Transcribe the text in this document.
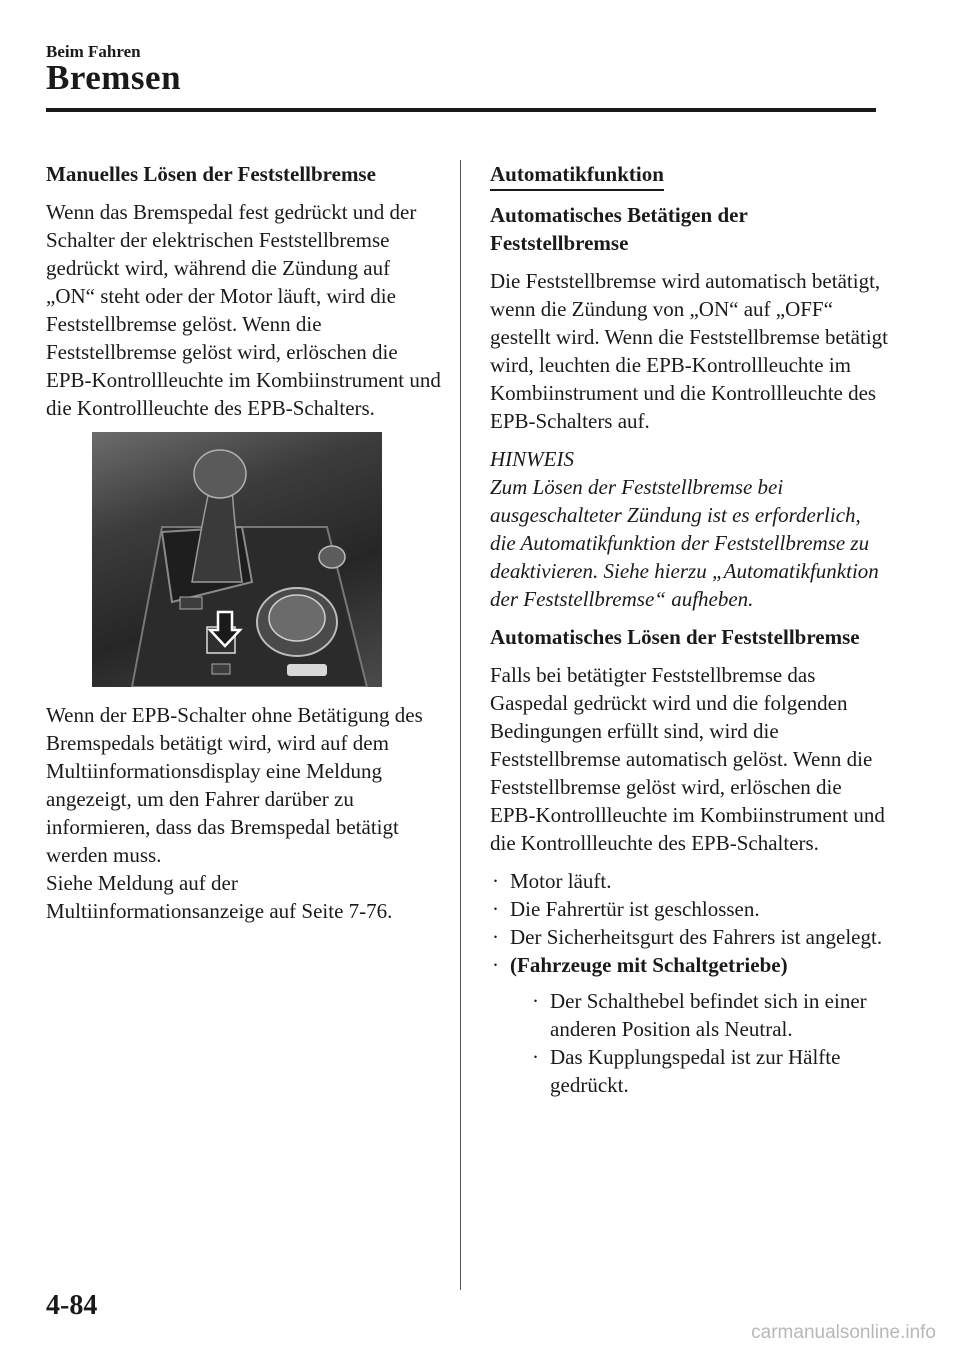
Beim Fahren
Bremsen
Manuelles Lösen der Feststellbremse

Wenn das Bremspedal fest gedrückt und der Schalter der elektrischen Feststellbremse gedrückt wird, während die Zündung auf „ON“ steht oder der Motor läuft, wird die Feststellbremse gelöst. Wenn die Feststellbremse gelöst wird, erlöschen die EPB-Kontrollleuchte im Kombiinstrument und die Kontrollleuchte des EPB-Schalters.

Wenn der EPB-Schalter ohne Betätigung des Bremspedals betätigt wird, wird auf dem Multiinformationsdisplay eine Meldung angezeigt, um den Fahrer darüber zu informieren, dass das Bremspedal betätigt werden muss.

Siehe Meldung auf der Multiinformationsanzeige auf Seite 7-76.

Automatikfunktion
Automatisches Betätigen der Feststellbremse

Die Feststellbremse wird automatisch betätigt, wenn die Zündung von „ON“ auf „OFF“ gestellt wird. Wenn die Feststellbremse betätigt wird, leuchten die EPB-Kontrollleuchte im Kombiinstrument und die Kontrollleuchte des EPB-Schalters auf.

HINWEIS
Zum Lösen der Feststellbremse bei ausgeschalteter Zündung ist es erforderlich, die Automatikfunktion der Feststellbremse zu deaktivieren. Siehe hierzu „Automatikfunktion der Feststellbremse“ aufheben.
Automatisches Lösen der Feststellbremse

Falls bei betätigter Feststellbremse das Gaspedal gedrückt wird und die folgenden Bedingungen erfüllt sind, wird die Feststellbremse automatisch gelöst. Wenn die Feststellbremse gelöst wird, erlöschen die EPB-Kontrollleuchte im Kombiinstrument und die Kontrollleuchte des EPB-Schalters.

· Motor läuft.
· Die Fahrertür ist geschlossen.
· Der Sicherheitsgurt des Fahrers ist angelegt.
· (Fahrzeuge mit Schaltgetriebe)
· Der Schalthebel befindet sich in einer anderen Position als Neutral.
· Das Kupplungspedal ist zur Hälfte gedrückt.
4-84
carmanualsonline.info
